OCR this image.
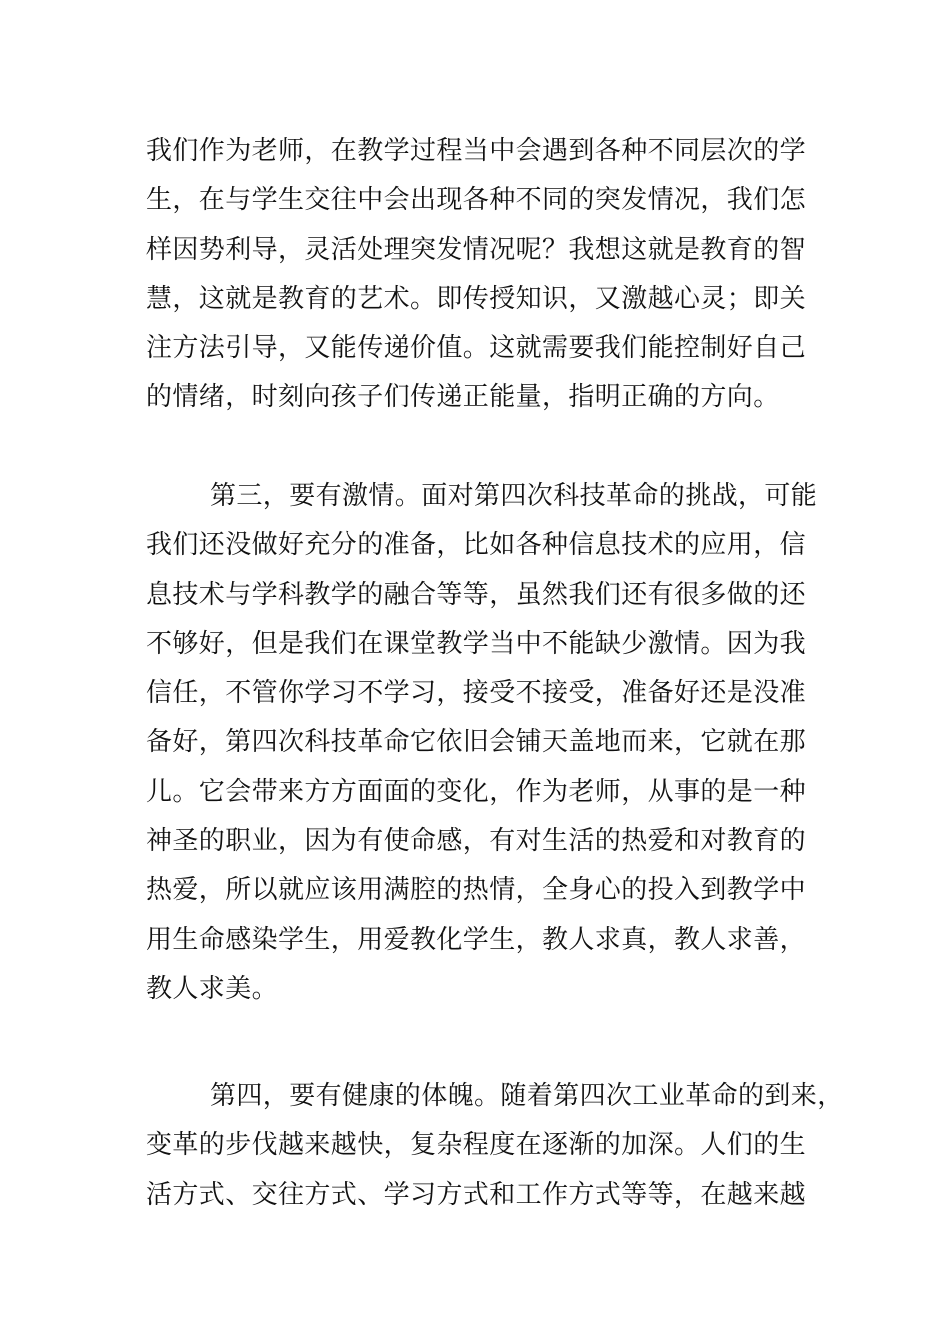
我们作为老师，在教学过程当中会遇到各种不同层次的学
生，在与学生交往中会出现各种不同的突发情况，我们怎
样因势利导，灵活处理突发情况呢？我想这就是教育的智
慧，这就是教育的艺术。即传授知识，又激越心灵；即关
注方法引导，又能传递价值。这就需要我们能控制好自己
的情绪，时刻向孩子们传递正能量，指明正确的方向。
第三，要有激情。面对第四次科技革命的挑战，可能
我们还没做好充分的准备，比如各种信息技术的应用，信
息技术与学科教学的融合等等，虽然我们还有很多做的还
不够好，但是我们在课堂教学当中不能缺少激情。因为我
信任，不管你学习不学习，接受不接受，准备好还是没准
备好，第四次科技革命它依旧会铺天盖地而来，它就在那
儿。它会带来方方面面的变化，作为老师，从事的是一种
神圣的职业，因为有使命感，有对生活的热爱和对教育的
热爱，所以就应该用满腔的热情，全身心的投入到教学中
用生命感染学生，用爱教化学生，教人求真，教人求善，
教人求美。
第四，要有健康的体魄。随着第四次工业革命的到来，
变革的步伐越来越快，复杂程度在逐渐的加深。人们的生
活方式、交往方式、学习方式和工作方式等等，在越来越
